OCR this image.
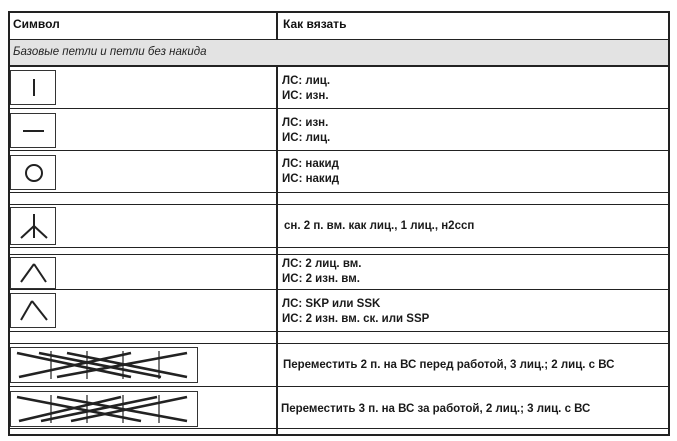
Символ	Как вязать
Базовые петли и петли без накида
ЛС: лиц.
ИС: изн.
ЛС: изн.
ИС: лиц.
ЛС: накид
ИС: накид
сн. 2 п. вм. как лиц., 1 лиц., н2ссп
ЛС: 2 лиц. вм.
ИС: 2 изн. вм.
ЛС: SKP или SSK
ИС: 2 изн. вм. ск. или SSP
Переместить 2 п. на ВС перед работой, 3 лиц.; 2 лиц. с ВС
Переместить 3 п. на ВС за работой, 2 лиц.; 3 лиц. с ВС
